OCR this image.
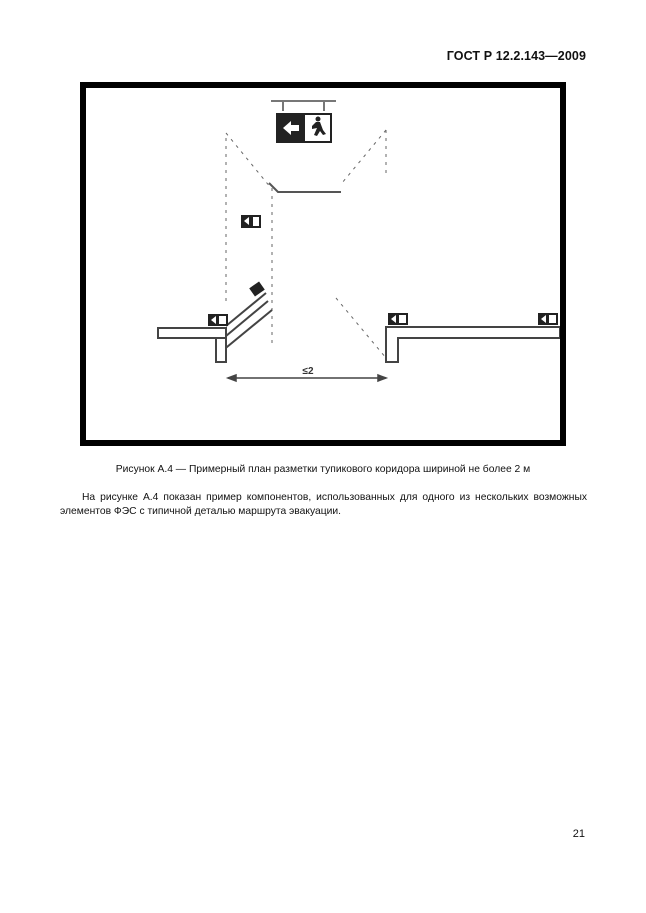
ГОСТ Р 12.2.143—2009
≤2
Рисунок А.4 — Примерный план разметки тупикового коридора шириной не более 2 м
На рисунке А.4 показан пример компонентов, использованных для одного из нескольких возможных элементов ФЭС с типичной деталью маршрута эвакуации.
21
